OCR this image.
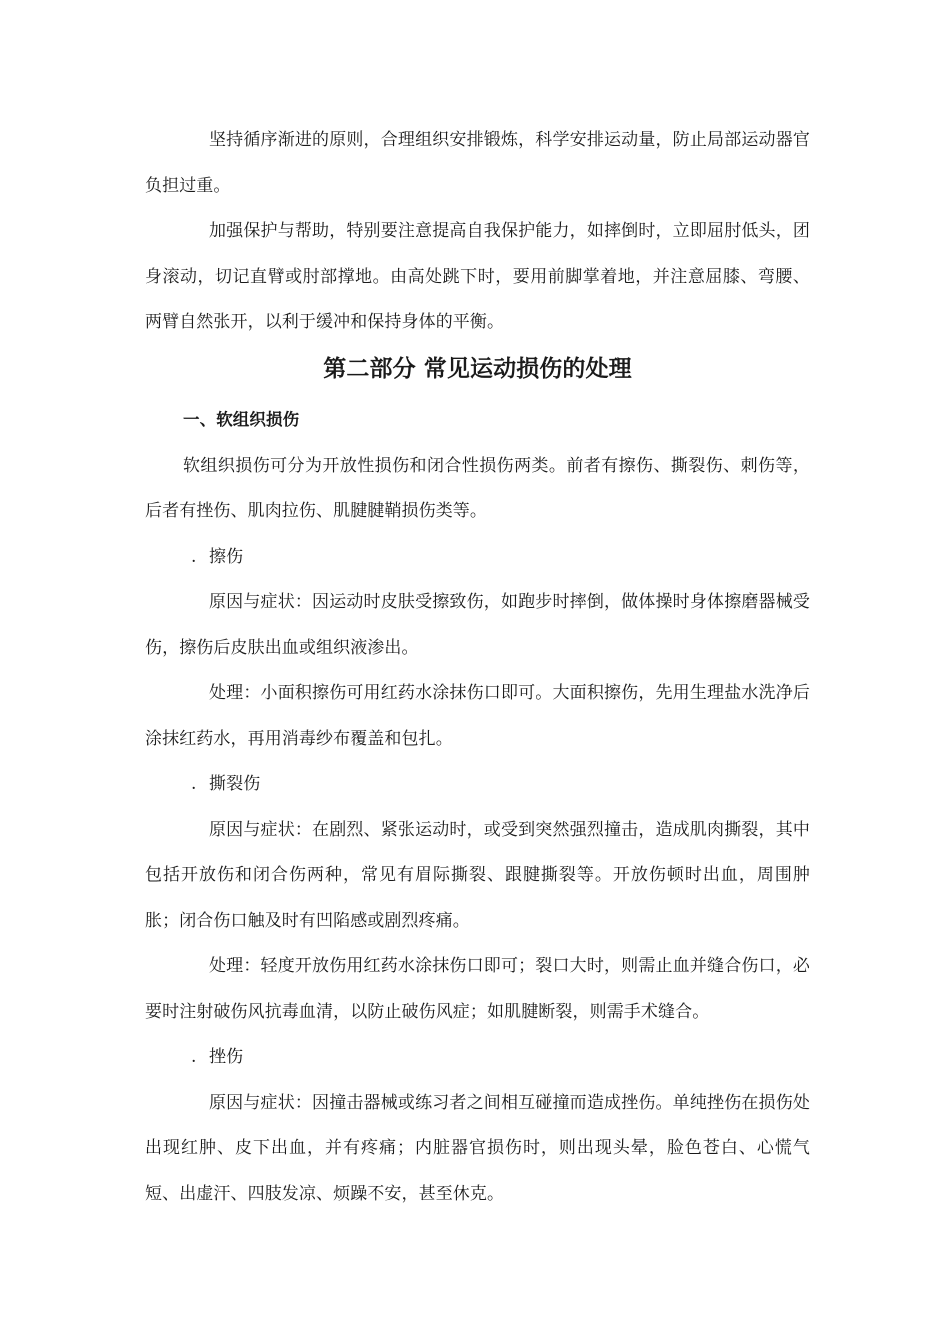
坚持循序渐进的原则，合理组织安排锻炼，科学安排运动量，防止局部运动器官负担过重。

加强保护与帮助，特别要注意提高自我保护能力，如摔倒时，立即屈肘低头，团身滚动，切记直臂或肘部撑地。由高处跳下时，要用前脚掌着地，并注意屈膝、弯腰、两臂自然张开，以利于缓冲和保持身体的平衡。

第二部分 常见运动损伤的处理
一、软组织损伤

软组织损伤可分为开放性损伤和闭合性损伤两类。前者有擦伤、撕裂伤、刺伤等，后者有挫伤、肌肉拉伤、肌腱腱鞘损伤类等。

. 擦伤

原因与症状：因运动时皮肤受擦致伤，如跑步时摔倒，做体操时身体擦磨器械受伤，擦伤后皮肤出血或组织液渗出。

处理：小面积擦伤可用红药水涂抹伤口即可。大面积擦伤，先用生理盐水洗净后涂抹红药水，再用消毒纱布覆盖和包扎。

. 撕裂伤

原因与症状：在剧烈、紧张运动时，或受到突然强烈撞击，造成肌肉撕裂，其中包括开放伤和闭合伤两种，常见有眉际撕裂、跟腱撕裂等。开放伤顿时出血，周围肿胀；闭合伤口触及时有凹陷感或剧烈疼痛。

处理：轻度开放伤用红药水涂抹伤口即可；裂口大时，则需止血并缝合伤口，必要时注射破伤风抗毒血清，以防止破伤风症；如肌腱断裂，则需手术缝合。

. 挫伤

原因与症状：因撞击器械或练习者之间相互碰撞而造成挫伤。单纯挫伤在损伤处出现红肿、皮下出血，并有疼痛；内脏器官损伤时，则出现头晕，脸色苍白、心慌气短、出虚汗、四肢发凉、烦躁不安，甚至休克。
